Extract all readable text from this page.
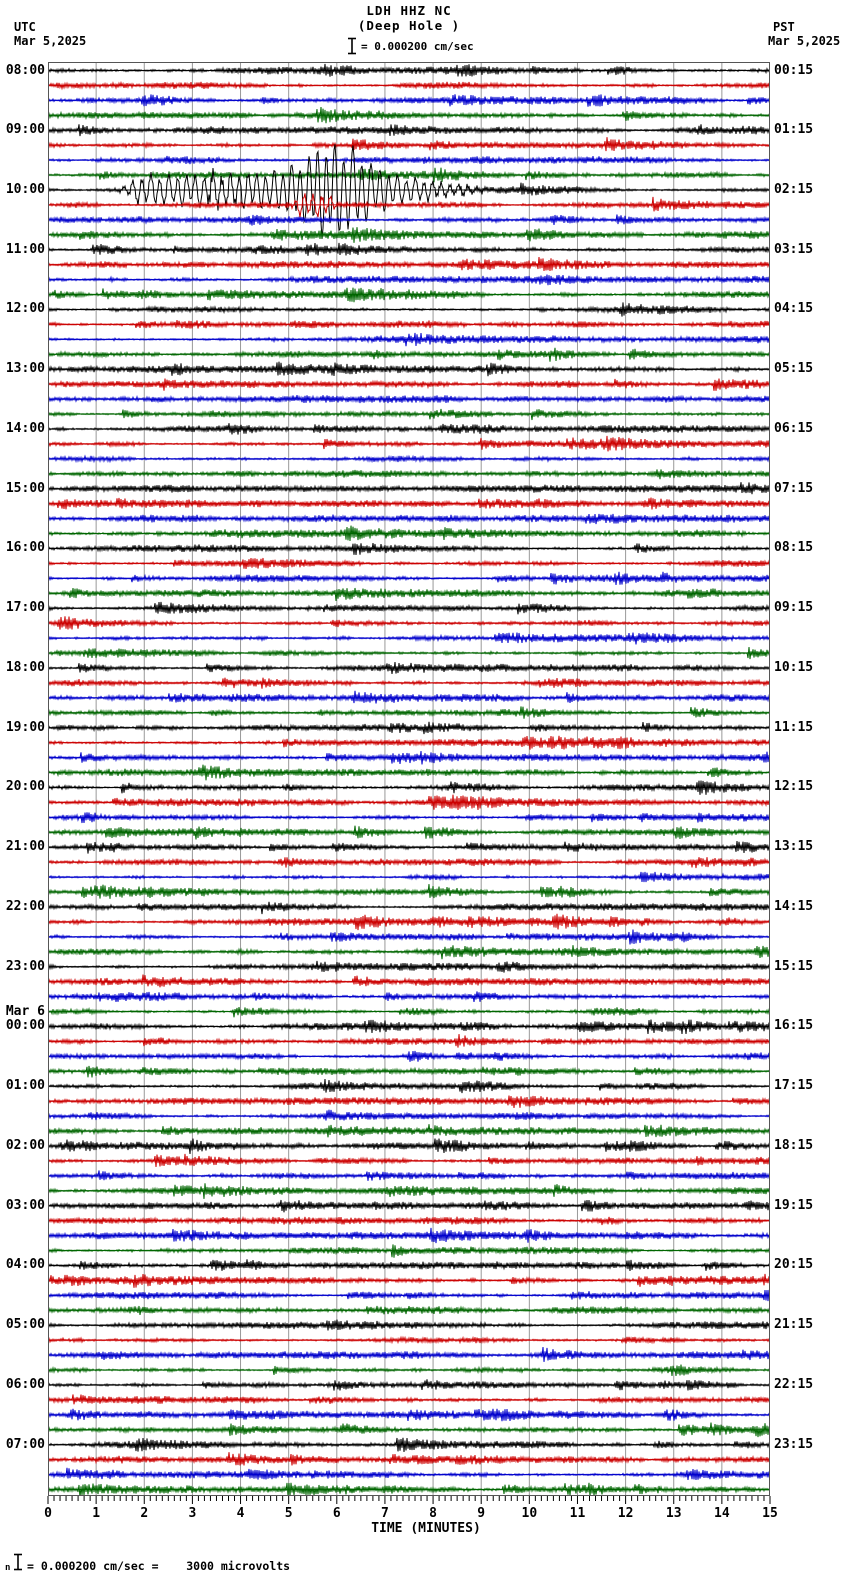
LDH HHZ NC
(Deep Hole )
UTC
Mar 5,2025
PST
Mar 5,2025
= 0.000200 cm/sec
08:00
09:00
10:00
11:00
12:00
13:00
14:00
15:00
16:00
17:00
18:00
19:00
20:00
21:00
22:00
23:00
00:00
Mar 6
01:00
02:00
03:00
04:00
05:00
06:00
07:00
00:15
01:15
02:15
03:15
04:15
05:15
06:15
07:15
08:15
09:15
10:15
11:15
12:15
13:15
14:15
15:15
16:15
17:15
18:15
19:15
20:15
21:15
22:15
23:15
0	1	2	3	4	5	6	7	8	9	10	11	12	13	14	15
TIME (MINUTES)
n = 0.000200 cm/sec =    3000 microvolts
